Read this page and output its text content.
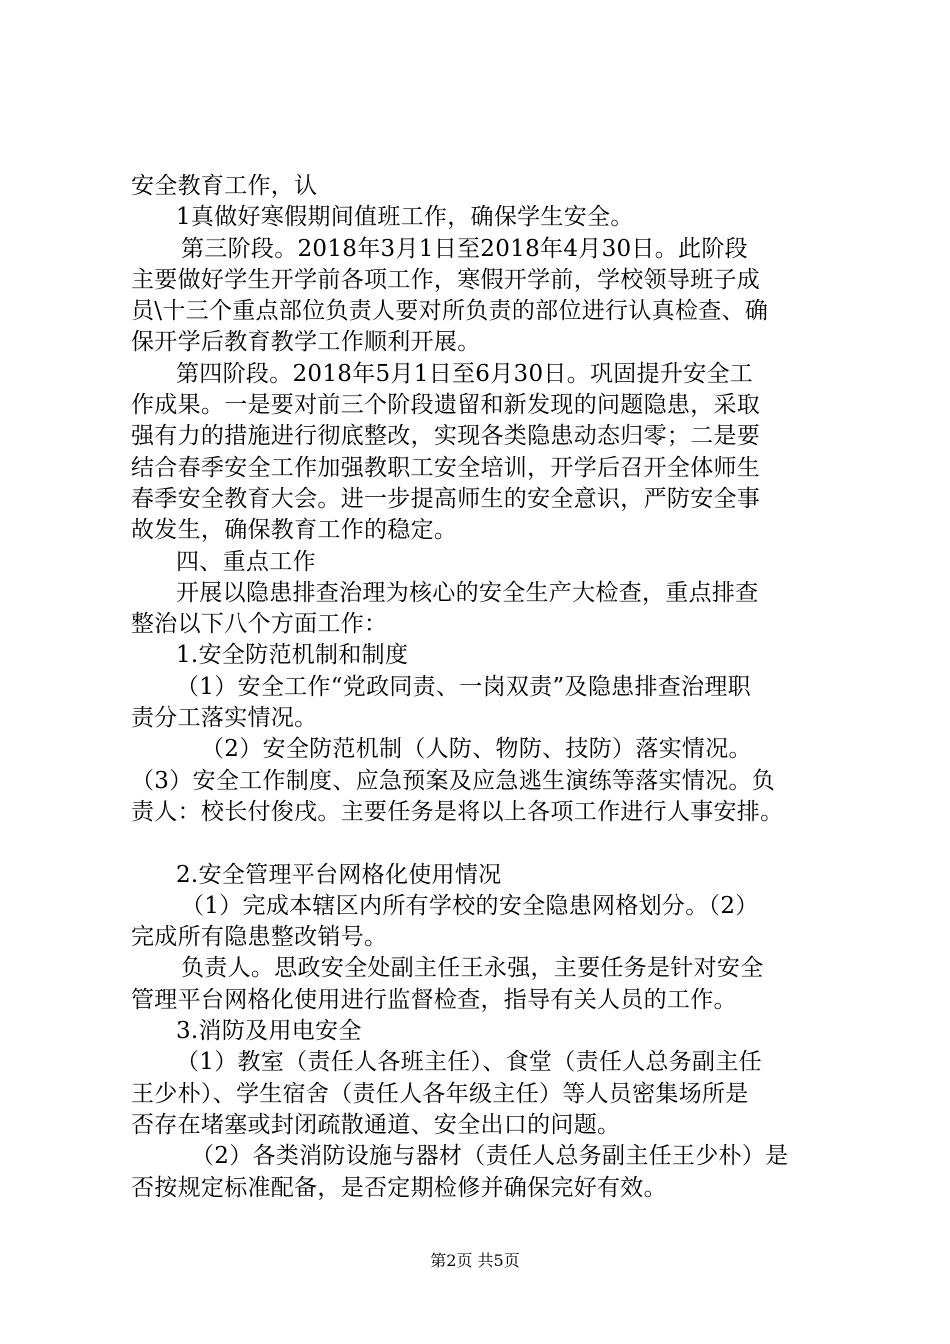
安全教育工作，认
1真做好寒假期间值班工作，确保学生安全。
第三阶段。2018年3月1日至2018年4月30日。此阶段
主要做好学生开学前各项工作，寒假开学前，学校领导班子成
员\十三个重点部位负责人要对所负责的部位进行认真检查、确
保开学后教育教学工作顺利开展。
第四阶段。2018年5月1日至6月30日。巩固提升安全工
作成果。一是要对前三个阶段遗留和新发现的问题隐患，采取
强有力的措施进行彻底整改，实现各类隐患动态归零；二是要
结合春季安全工作加强教职工安全培训，开学后召开全体师生
春季安全教育大会。进一步提高师生的安全意识，严防安全事
故发生，确保教育工作的稳定。
四、重点工作
开展以隐患排查治理为核心的安全生产大检查，重点排查
整治以下八个方面工作：
1.安全防范机制和制度
（1）安全工作“党政同责、一岗双责”及隐患排查治理职
责分工落实情况。
（2）安全防范机制（人防、物防、技防）落实情况。
（3）安全工作制度、应急预案及应急逃生演练等落实情况。负
责人：校长付俊戌。主要任务是将以上各项工作进行人事安排。
2.安全管理平台网格化使用情况
（1）完成本辖区内所有学校的安全隐患网格划分。（2）
完成所有隐患整改销号。
负责人。思政安全处副主任王永强，主要任务是针对安全
管理平台网格化使用进行监督检查，指导有关人员的工作。
3.消防及用电安全
（1）教室（责任人各班主任）、食堂（责任人总务副主任
王少朴）、学生宿舍（责任人各年级主任）等人员密集场所是
否存在堵塞或封闭疏散通道、安全出口的问题。
（2）各类消防设施与器材（责任人总务副主任王少朴）是
否按规定标准配备，是否定期检修并确保完好有效。
第2页 共5页
